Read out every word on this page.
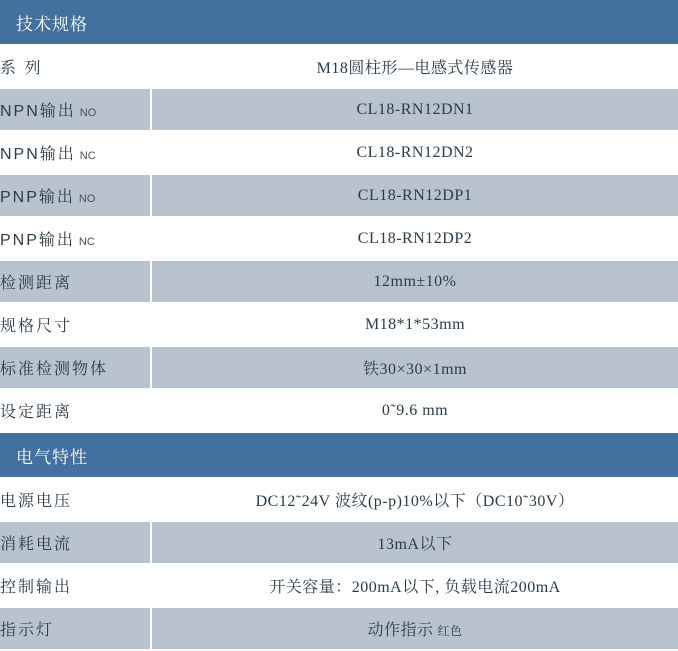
技术规格	
系 列	M18圆柱形—电感式传感器
NPN输出 NO	CL18-RN12DN1
NPN输出 NC	CL18-RN12DN2
PNP输出 NO	CL18-RN12DP1
PNP输出 NC	CL18-RN12DP2
检测距离	12mm±10%
规格尺寸	M18*1*53mm
标准检测物体	铁30×30×1mm
设定距离	0˜9.6 mm
电气特性	
电源电压	DC12˜24V 波纹(p-p)10%以下（DC10˜30V）
消耗电流	13mA以下
控制输出	开关容量：200mA以下, 负载电流200mA
指示灯	动作指示 红色
